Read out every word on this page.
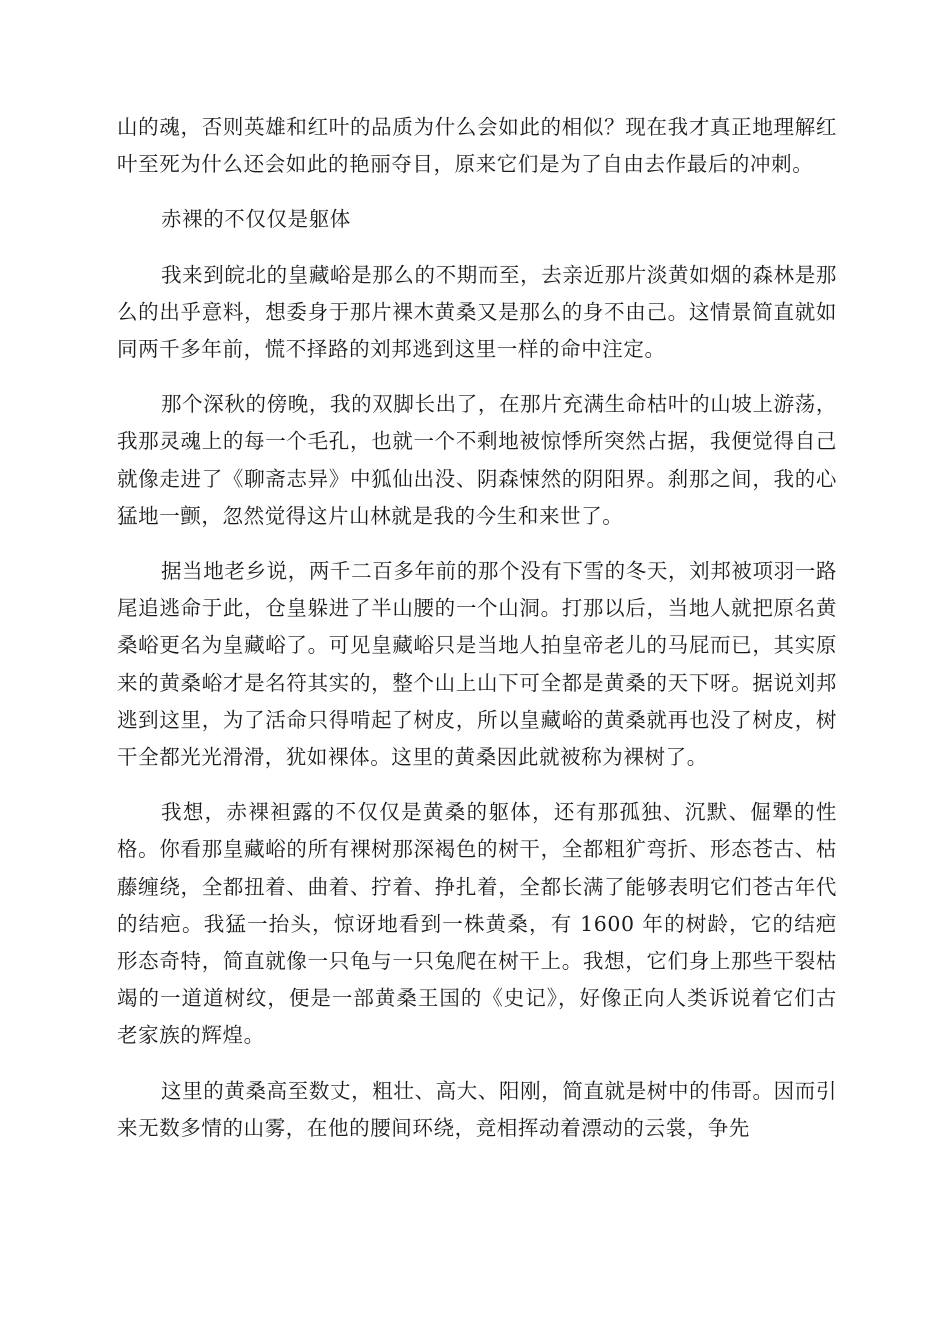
山的魂，否则英雄和红叶的品质为什么会如此的相似？现在我才真正地理解红叶至死为什么还会如此的艳丽夺目，原来它们是为了自由去作最后的冲刺。

赤裸的不仅仅是躯体

我来到皖北的皇藏峪是那么的不期而至，去亲近那片淡黄如烟的森林是那么的出乎意料，想委身于那片裸木黄桑又是那么的身不由己。这情景简直就如同两千多年前，慌不择路的刘邦逃到这里一样的命中注定。

那个深秋的傍晚，我的双脚长出了，在那片充满生命枯叶的山坡上游荡，我那灵魂上的每一个毛孔，也就一个不剩地被惊悸所突然占据，我便觉得自己就像走进了《聊斋志异》中狐仙出没、阴森悚然的阴阳界。刹那之间，我的心猛地一颤，忽然觉得这片山林就是我的今生和来世了。

据当地老乡说，两千二百多年前的那个没有下雪的冬天，刘邦被项羽一路尾追逃命于此，仓皇躲进了半山腰的一个山洞。打那以后，当地人就把原名黄桑峪更名为皇藏峪了。可见皇藏峪只是当地人拍皇帝老儿的马屁而已，其实原来的黄桑峪才是名符其实的，整个山上山下可全都是黄桑的天下呀。据说刘邦逃到这里，为了活命只得啃起了树皮，所以皇藏峪的黄桑就再也没了树皮，树干全都光光滑滑，犹如裸体。这里的黄桑因此就被称为裸树了。

我想，赤裸袒露的不仅仅是黄桑的躯体，还有那孤独、沉默、倔犟的性格。你看那皇藏峪的所有裸树那深褐色的树干，全都粗犷弯折、形态苍古、枯藤缠绕，全都扭着、曲着、拧着、挣扎着，全都长满了能够表明它们苍古年代的结疤。我猛一抬头，惊讶地看到一株黄桑，有 1600 年的树龄，它的结疤形态奇特，简直就像一只龟与一只兔爬在树干上。我想，它们身上那些干裂枯竭的一道道树纹，便是一部黄桑王国的《史记》，好像正向人类诉说着它们古老家族的辉煌。

这里的黄桑高至数丈，粗壮、高大、阳刚，简直就是树中的伟哥。因而引来无数多情的山雾，在他的腰间环绕，竞相挥动着漂动的云裳，争先
